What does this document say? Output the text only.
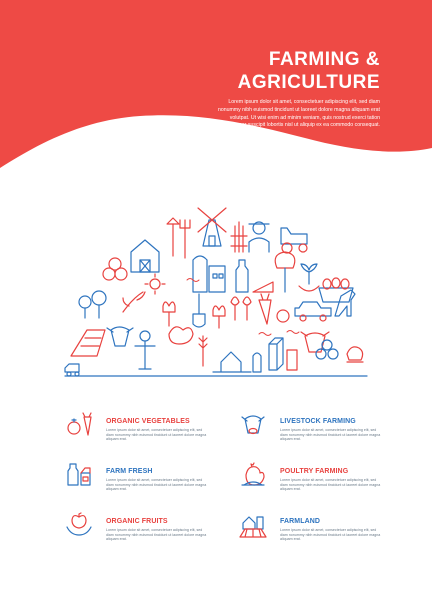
FARMING &
AGRICULTURE
Lorem ipsum dolor sit amet, consectetuer adipiscing elit, sed diam nonummy nibh euismod tincidunt ut laoreet dolore magna aliquam erat volutpat. Ut wisi enim ad minim veniam, quis nostrud exerci tation ullamcorper suscipit lobortis nisl ut aliquip ex ea commodo consequat.
ORGANIC VEGETABLES
Lorem ipsum dolor sit amet, consectetuer adipiscing elit, sed diam nonummy nibh euismod tincidunt ut laoreet dolore magna aliquam erat.
LIVESTOCK FARMING
Lorem ipsum dolor sit amet, consectetuer adipiscing elit, sed diam nonummy nibh euismod tincidunt ut laoreet dolore magna aliquam erat.
FARM FRESH
Lorem ipsum dolor sit amet, consectetuer adipiscing elit, sed diam nonummy nibh euismod tincidunt ut laoreet dolore magna aliquam erat.
POULTRY FARMING
Lorem ipsum dolor sit amet, consectetuer adipiscing elit, sed diam nonummy nibh euismod tincidunt ut laoreet dolore magna aliquam erat.
ORGANIC FRUITS
Lorem ipsum dolor sit amet, consectetuer adipiscing elit, sed diam nonummy nibh euismod tincidunt ut laoreet dolore magna aliquam erat.
FARMLAND
Lorem ipsum dolor sit amet, consectetuer adipiscing elit, sed diam nonummy nibh euismod tincidunt ut laoreet dolore magna aliquam erat.
